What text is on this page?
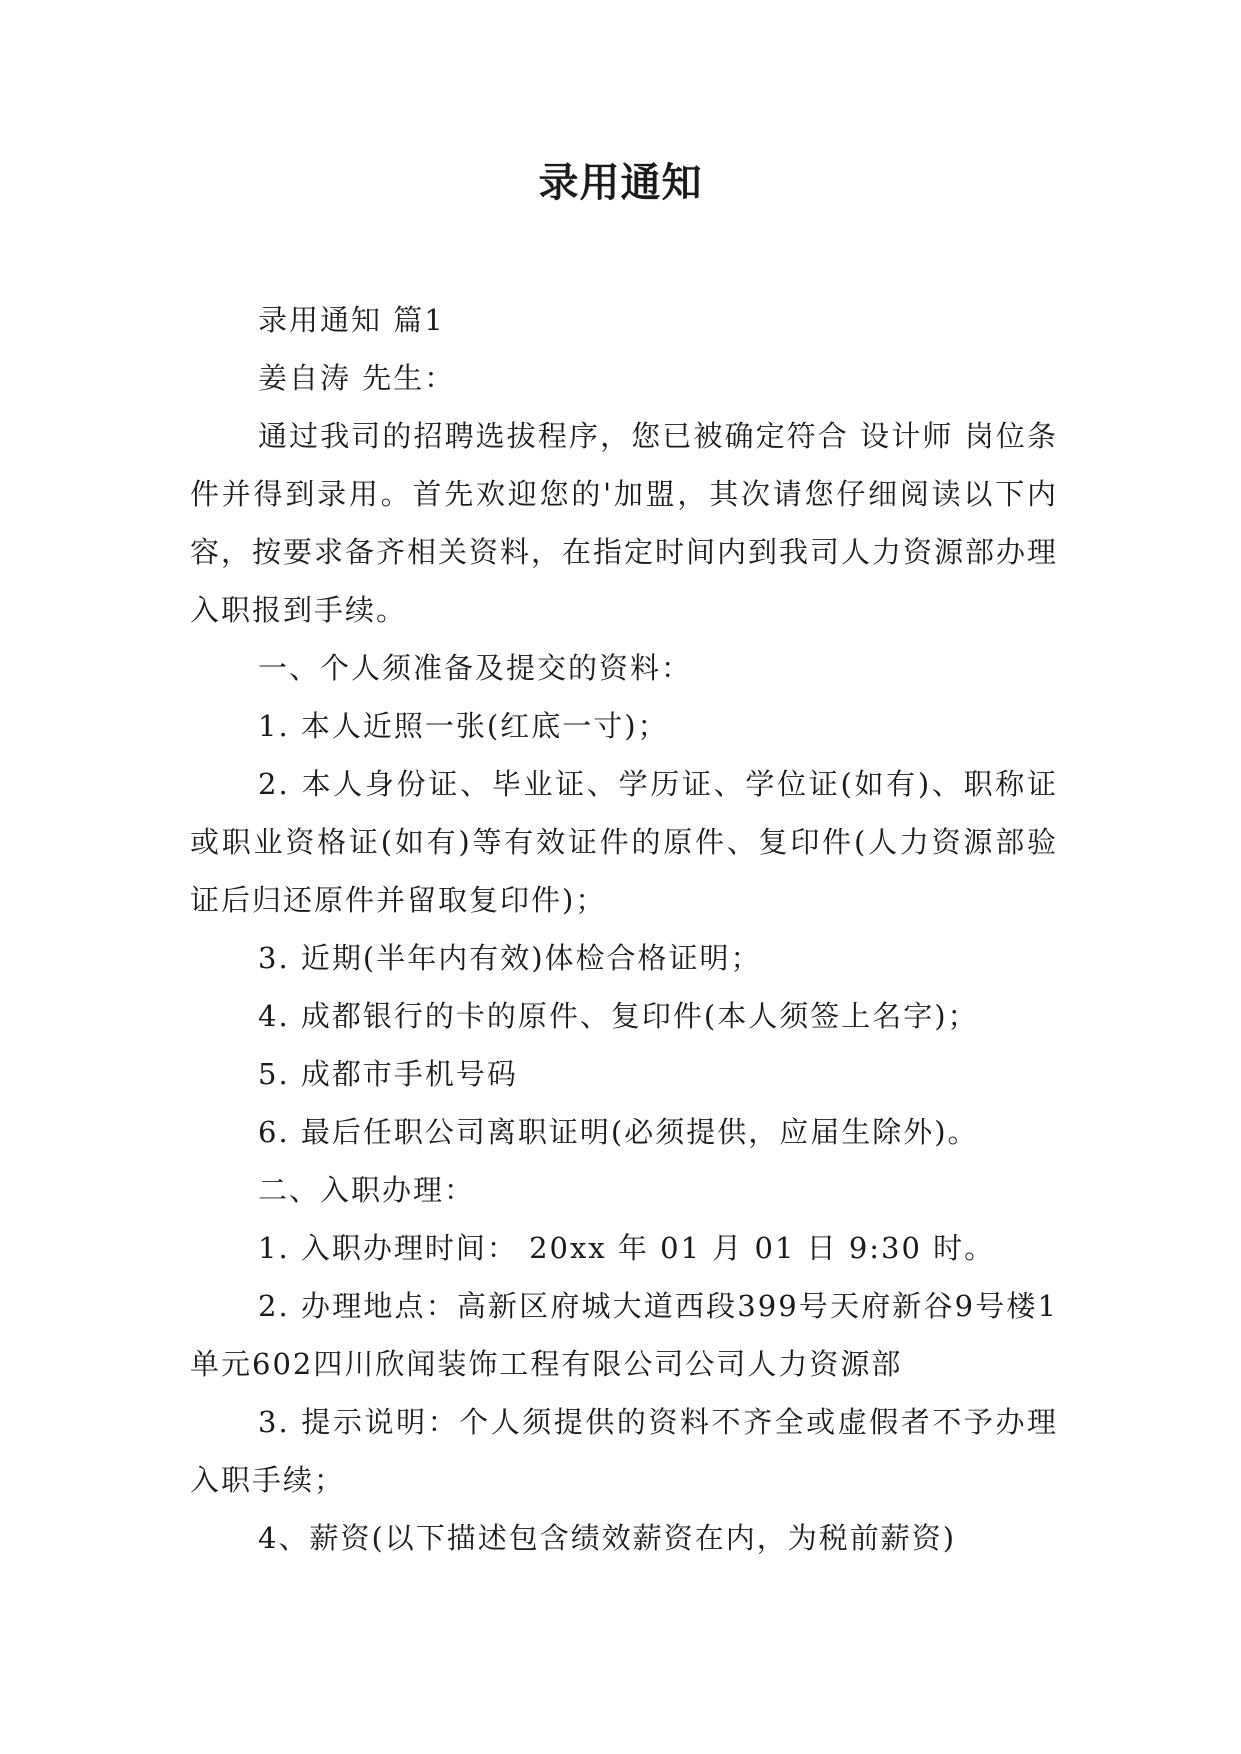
录用通知

录用通知 篇1

姜自涛 先生：

通过我司的招聘选拔程序，您已被确定符合 设计师 岗位条件并得到录用。首先欢迎您的'加盟，其次请您仔细阅读以下内容，按要求备齐相关资料，在指定时间内到我司人力资源部办理入职报到手续。

一、个人须准备及提交的资料：

1. 本人近照一张(红底一寸)；

2. 本人身份证、毕业证、学历证、学位证(如有)、职称证或职业资格证(如有)等有效证件的原件、复印件(人力资源部验证后归还原件并留取复印件)；

3. 近期(半年内有效)体检合格证明；

4. 成都银行的卡的原件、复印件(本人须签上名字)；

5. 成都市手机号码

6. 最后任职公司离职证明(必须提供，应届生除外)。

二、入职办理：

1. 入职办理时间： 20xx 年 01 月 01 日 9:30 时。

2. 办理地点：高新区府城大道西段399号天府新谷9号楼1单元602四川欣闻装饰工程有限公司公司人力资源部

3. 提示说明：个人须提供的资料不齐全或虚假者不予办理入职手续；

4、薪资(以下描述包含绩效薪资在内，为税前薪资)
